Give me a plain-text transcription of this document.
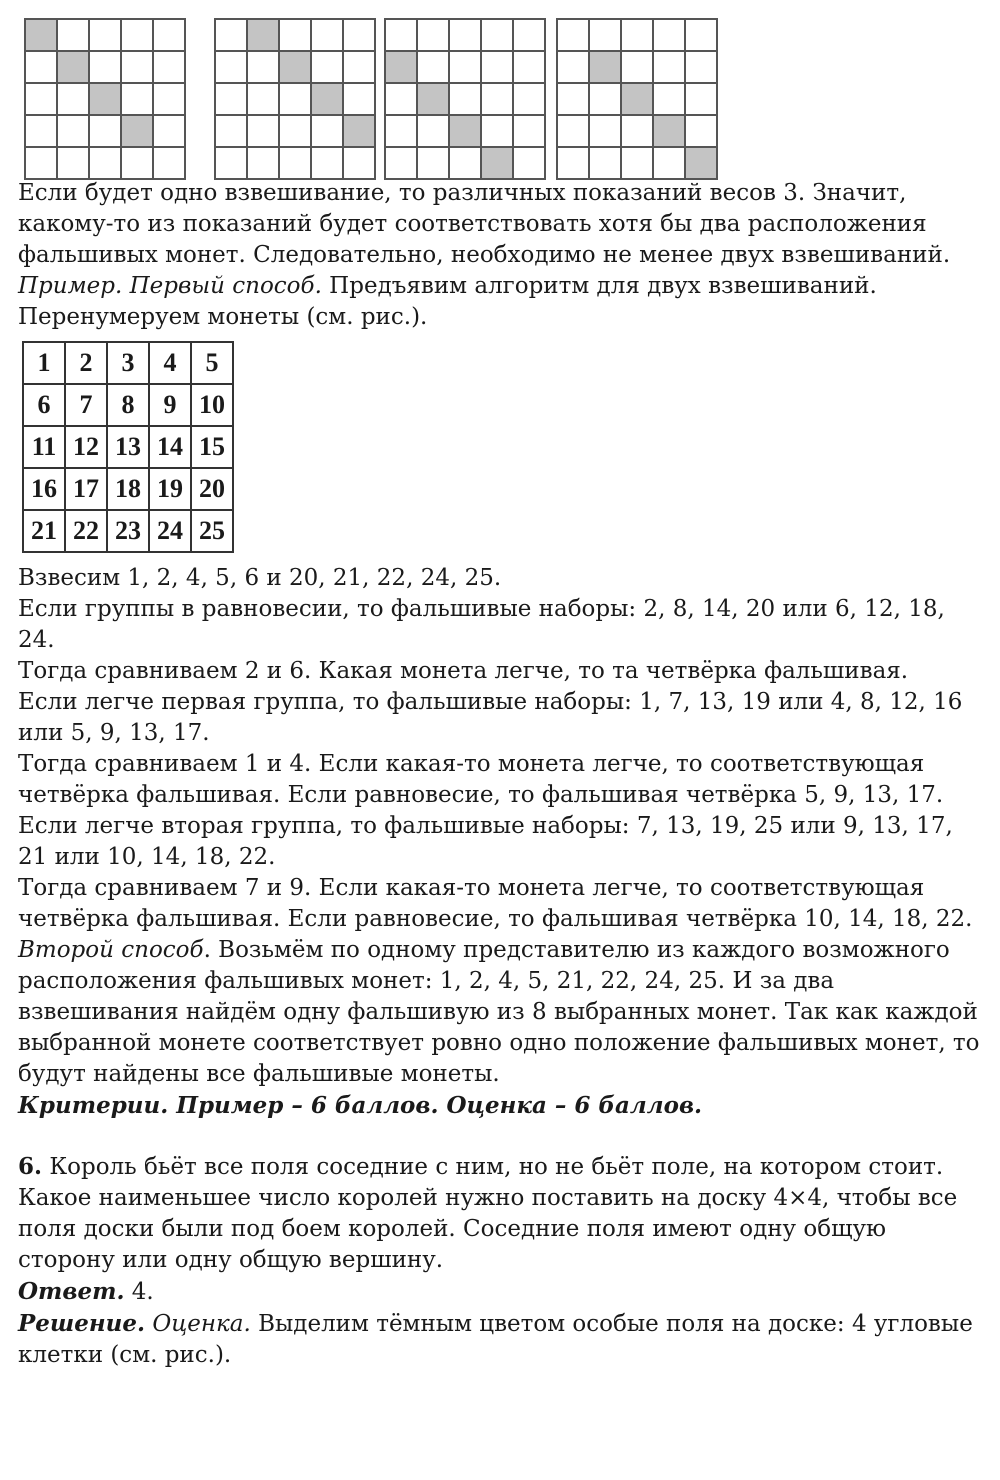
Если будет одно взвешивание, то различных показаний весов 3. Значит, какому-то из показаний будет соответствовать хотя бы два расположения фальшивых монет. Следовательно, необходимо не менее двух взвешиваний.

Пример. Первый способ. Предъявим алгоритм для двух взвешиваний. Перенумеруем монеты (см. рис.).

1	2	3	4	5
6	7	8	9	10
11	12	13	14	15
16	17	18	19	20
21	22	23	24	25

Взвесим 1, 2, 4, 5, 6 и 20, 21, 22, 24, 25.

Если группы в равновесии, то фальшивые наборы: 2, 8, 14, 20 или 6, 12, 18, 24.

Тогда сравниваем 2 и 6. Какая монета легче, то та четвёрка фальшивая.

Если легче первая группа, то фальшивые наборы: 1, 7, 13, 19 или 4, 8, 12, 16 или 5, 9, 13, 17.

Тогда сравниваем 1 и 4. Если какая-то монета легче, то соответствующая четвёрка фальшивая. Если равновесие, то фальшивая четвёрка 5, 9, 13, 17.

Если легче вторая группа, то фальшивые наборы: 7, 13, 19, 25 или 9, 13, 17, 21 или 10, 14, 18, 22.

Тогда сравниваем 7 и 9. Если какая-то монета легче, то соответствующая четвёрка фальшивая. Если равновесие, то фальшивая четвёрка 10, 14, 18, 22.

Второй способ. Возьмём по одному представителю из каждого возможного расположения фальшивых монет: 1, 2, 4, 5, 21, 22, 24, 25. И за два взвешивания найдём одну фальшивую из 8 выбранных монет. Так как каждой выбранной монете соответствует ровно одно положение фальшивых монет, то будут найдены все фальшивые монеты.

Критерии. Пример – 6 баллов. Оценка – 6 баллов.

6. Король бьёт все поля соседние с ним, но не бьёт поле, на котором стоит. Какое наименьшее число королей нужно поставить на доску 4×4, чтобы все поля доски были под боем королей. Соседние поля имеют одну общую сторону или одну общую вершину.

Ответ. 4.

Решение. Оценка. Выделим тёмным цветом особые поля на доске: 4 угловые клетки (см. рис.).
